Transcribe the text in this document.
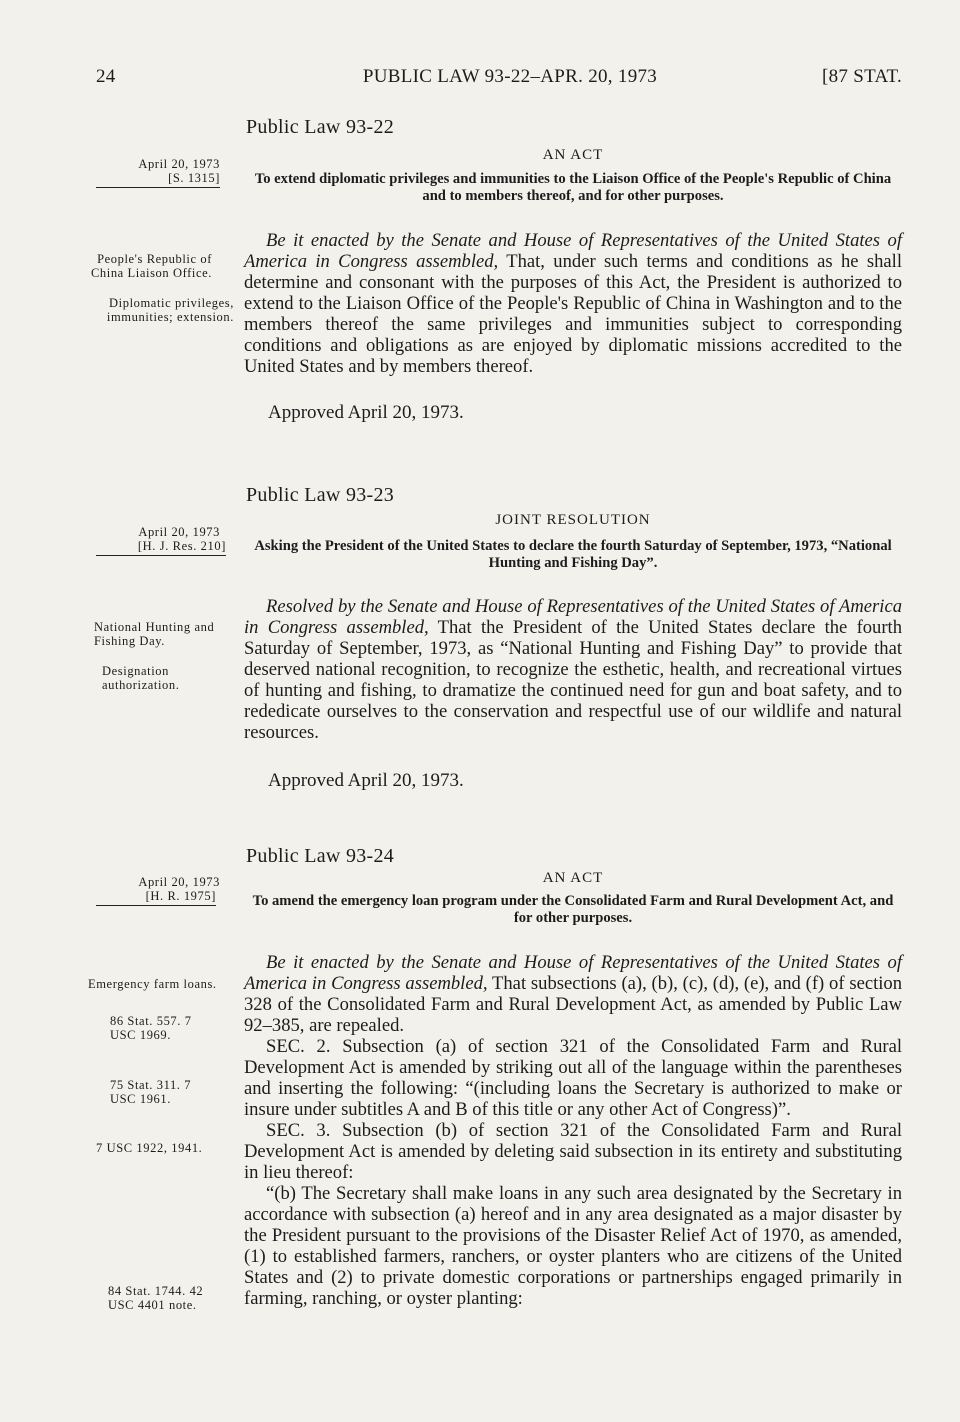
24	PUBLIC LAW 93-22–APR. 20, 1973	[87 STAT.
Public Law 93-22
AN ACT
April 20, 1973
[S. 1315]	To extend diplomatic privileges and immunities to the Liaison Office of the People's Republic of China and to members thereof, and for other purposes.
People's Republic of China Liaison Office.
Diplomatic privileges, immunities; extension.

Be it enacted by the Senate and House of Representatives of the United States of America in Congress assembled, That, under such terms and conditions as he shall determine and consonant with the purposes of this Act, the President is authorized to extend to the Liaison Office of the People's Republic of China in Washington and to the members thereof the same privileges and immunities subject to corresponding conditions and obligations as are enjoyed by diplomatic missions accredited to the United States and by members thereof.

Approved April 20, 1973.
Public Law 93-23
JOINT RESOLUTION
April 20, 1973
[H. J. Res. 210]	Asking the President of the United States to declare the fourth Saturday of September, 1973, “National Hunting and Fishing Day”.
National Hunting and Fishing Day.
Designation authorization.

Resolved by the Senate and House of Representatives of the United States of America in Congress assembled, That the President of the United States declare the fourth Saturday of September, 1973, as “National Hunting and Fishing Day” to provide that deserved national recognition, to recognize the esthetic, health, and recreational virtues of hunting and fishing, to dramatize the continued need for gun and boat safety, and to rededicate ourselves to the conservation and respectful use of our wildlife and natural resources.

Approved April 20, 1973.
Public Law 93-24
AN ACT
April 20, 1973
[H. R. 1975]	To amend the emergency loan program under the Consolidated Farm and Rural Development Act, and for other purposes.
Emergency farm loans.
86 Stat. 557. 7 USC 1969.
75 Stat. 311. 7 USC 1961.
7 USC 1922, 1941.
84 Stat. 1744. 42 USC 4401 note.

Be it enacted by the Senate and House of Representatives of the United States of America in Congress assembled, That subsections (a), (b), (c), (d), (e), and (f) of section 328 of the Consolidated Farm and Rural Development Act, as amended by Public Law 92–385, are repealed.

SEC. 2. Subsection (a) of section 321 of the Consolidated Farm and Rural Development Act is amended by striking out all of the language within the parentheses and inserting the following: “(including loans the Secretary is authorized to make or insure under subtitles A and B of this title or any other Act of Congress)”.

SEC. 3. Subsection (b) of section 321 of the Consolidated Farm and Rural Development Act is amended by deleting said subsection in its entirety and substituting in lieu thereof:

“(b) The Secretary shall make loans in any such area designated by the Secretary in accordance with subsection (a) hereof and in any area designated as a major disaster by the President pursuant to the provisions of the Disaster Relief Act of 1970, as amended, (1) to established farmers, ranchers, or oyster planters who are citizens of the United States and (2) to private domestic corporations or partnerships engaged primarily in farming, ranching, or oyster planting:
